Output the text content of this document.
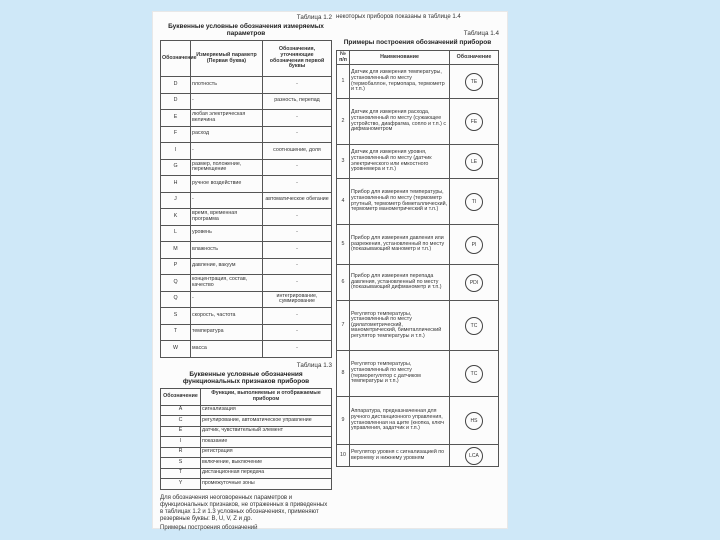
Таблица 1.2
Буквенные условные обозначения измеряемых параметров
Обозначение	Измеряемый параметр (Первая буква)	Обозначения, уточняющие обозначения первой буквы
D	плотность	-
D	-	разность, перепад
E	любая электрическая величина	-
F	расход	-
I	-	соотношение, доля
G	размер, положение, перемещение	-
H	ручное воздействие	-
J	-	автоматическое обегание
K	время, временная программа	-
L	уровень	-
M	влажность	-
P	давление, вакуум	-
Q	концентрация, состав, качество	-
Q	-	интегрирование, суммирование
S	скорость, частота	-
T	температура	-
W	масса	-
Таблица 1.3
Буквенные условные обозначения функциональных признаков приборов
Обозначение	Функции, выполняемые и отображаемые прибором
A	сигнализация
C	регулирование, автоматическое управление
E	датчик, чувствительный элемент
I	показание
R	регистрация
S	включение, выключение
T	дистанционная передача
Y	промежуточные зоны
Для обозначения неоговоренных параметров и функциональных признаков, не отраженных в приведенных в таблицах 1.2 и 1.3 условных обозначениях, применяют резервные буквы: B, U, V, Z и др.
Примеры построения обозначений
некоторых приборов показаны в таблице 1.4
Таблица 1.4
Примеры построения обозначений приборов
№ п/п	Наименование	Обозначение
1	Датчик для измерения температуры, установленный по месту (термобаллон, термопара, термометр и т.п.)	TE
2	Датчик для измерения расхода, установленный по месту (сужающее устройство, диафрагма, сопло и т.п.) с дифманометром	FE
3	Датчик для измерения уровня, установленный по месту (датчик электрического или емкостного уровнемера и т.п.)	LE
4	Прибор для измерения температуры, установленный по месту (термометр ртутный, термометр биметаллический, термометр манометрический и т.п.)	TI
5	Прибор для измерения давления или разрежения, установленный по месту (показывающий манометр и т.п.)	PI
6	Прибор для измерения перепада давления, установленный по месту (показывающий дифманометр и т.п.)	PDI
7	Регулятор температуры, установленный по месту (дилатометрический, манометрический, биметаллический регулятор температуры и т.п.)	TC
8	Регулятор температуры, установленный по месту (терморегулятор с датчиком температуры и т.п.)	TC
9	Аппаратура, предназначенная для ручного дистанционного управления, установленная на щите (кнопка, ключ управления, задатчик и т.п.)	HS
10	Регулятор уровня с сигнализацией по верхнему и нижнему уровням	LCA
